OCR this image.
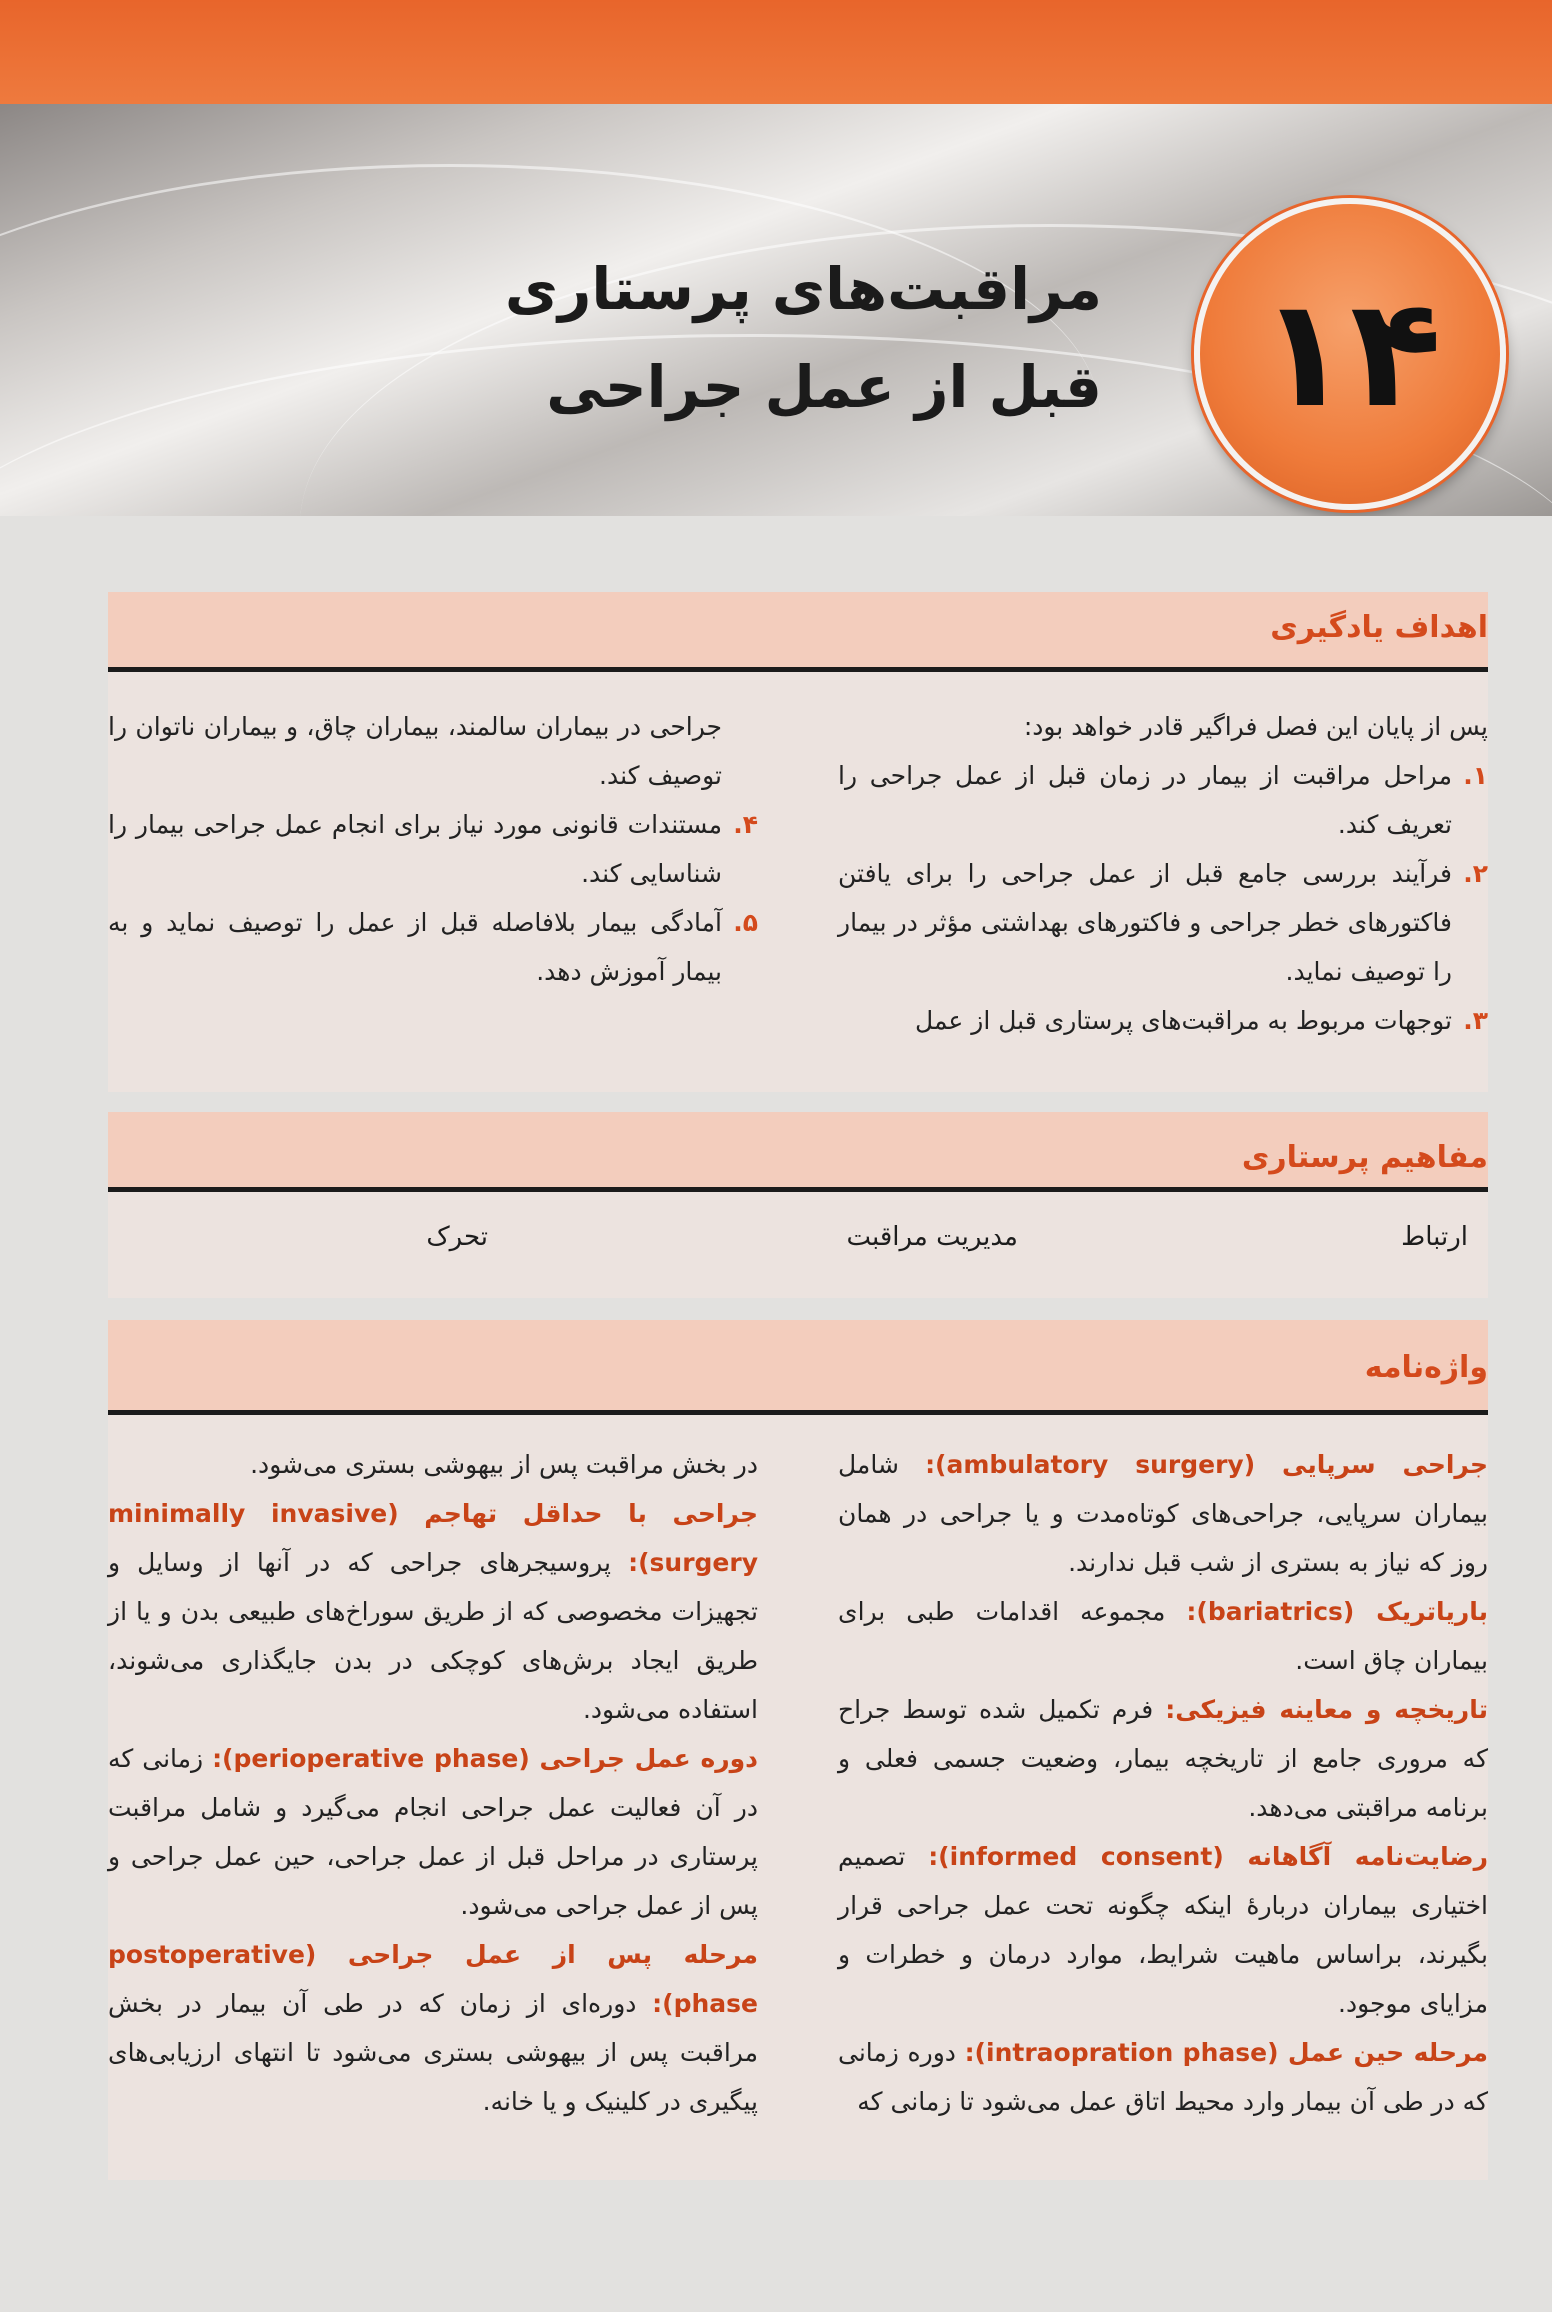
مراقبت‌های پرستاری
قبل از عمل جراحی ۱۴
اهداف یادگیری

پس از پایان این فصل فراگیر قادر خواهد بود:

۱.
مراحل مراقبت از بیمار در زمان قبل از عمل جراحی را تعریف کند.
۲.
فرآیند بررسی جامع قبل از عمل جراحی را برای یافتن فاکتورهای خطر جراحی و فاکتورهای بهداشتی مؤثر در بیمار را توصیف نماید.
۳.
توجهات مربوط به مراقبت‌های پرستاری قبل از عمل
جراحی در بیماران سالمند، بیماران چاق، و بیماران ناتوان را توصیف کند.
۴.
مستندات قانونی مورد نیاز برای انجام عمل جراحی بیمار را شناسایی کند.
۵.
آمادگی بیمار بلافاصله قبل از عمل را توصیف نماید و به بیمار آموزش دهد.
مفاهیم پرستاری
ارتباط
مدیریت مراقبت
تحرک
واژه‌نامه

جراحی سرپایی (ambulatory surgery): شامل بیماران سرپایی، جراحی‌های کوتاه‌مدت و یا جراحی در همان روز که نیاز به بستری از شب قبل ندارند.

باریاتریک (bariatrics): مجموعه اقدامات طبی برای بیماران چاق است.

تاریخچه و معاینه فیزیکی: فرم تکمیل شده توسط جراح که مروری جامع از تاریخچه بیمار، وضعیت جسمی فعلی و برنامه مراقبتی می‌دهد.

رضایت‌نامه آگاهانه (informed consent): تصمیم اختیاری بیماران دربارهٔ اینکه چگونه تحت عمل جراحی قرار بگیرند، براساس ماهیت شرایط، موارد درمان و خطرات و مزایای موجود.

مرحله حین عمل (intraopration phase): دوره زمانی که در طی آن بیمار وارد محیط اتاق عمل می‌شود تا زمانی که

در بخش مراقبت پس از بیهوشی بستری می‌شود.

جراحی با حداقل تهاجم (minimally invasive surgery): پروسیجرهای جراحی که در آنها از وسایل و تجهیزات مخصوصی که از طریق سوراخ‌های طبیعی بدن و یا از طریق ایجاد برش‌های کوچکی در بدن جایگذاری می‌شوند، استفاده می‌شود.

دوره عمل جراحی (perioperative phase): زمانی که در آن فعالیت عمل جراحی انجام می‌گیرد و شامل مراقبت پرستاری در مراحل قبل از عمل جراحی، حین عمل جراحی و پس از عمل جراحی می‌شود.

مرحله پس از عمل جراحی (postoperative phase): دوره‌ای از زمان که در طی آن بیمار در بخش مراقبت پس از بیهوشی بستری می‌شود تا انتهای ارزیابی‌های پیگیری در کلینیک و یا خانه.
